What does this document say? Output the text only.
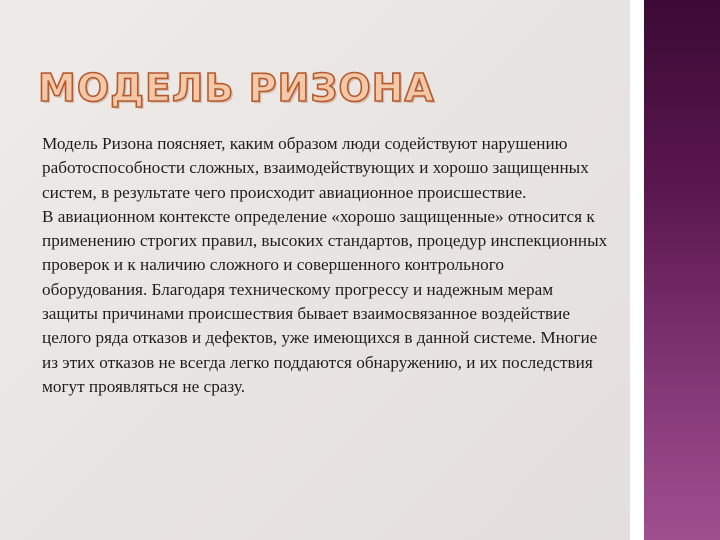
МОДЕЛЬ РИЗОНА

Модель Ризона поясняет, каким образом люди содействуют нарушению работоспособности сложных, взаимодействующих и хорошо защищенных систем, в результате чего происходит авиационное происшествие.

В авиационном контексте определение «хорошо защищенные» относится к применению строгих правил, высоких стандартов, процедур инспекционных проверок и к наличию сложного и совершенного контрольного оборудования. Благодаря техническому прогрессу и надежным мерам защиты причинами происшествия бывает взаимосвязанное воздействие целого ряда отказов и дефектов, уже имеющихся в данной системе. Многие из этих отказов не всегда легко поддаются обнаружению, и их последствия могут проявляться не сразу.
